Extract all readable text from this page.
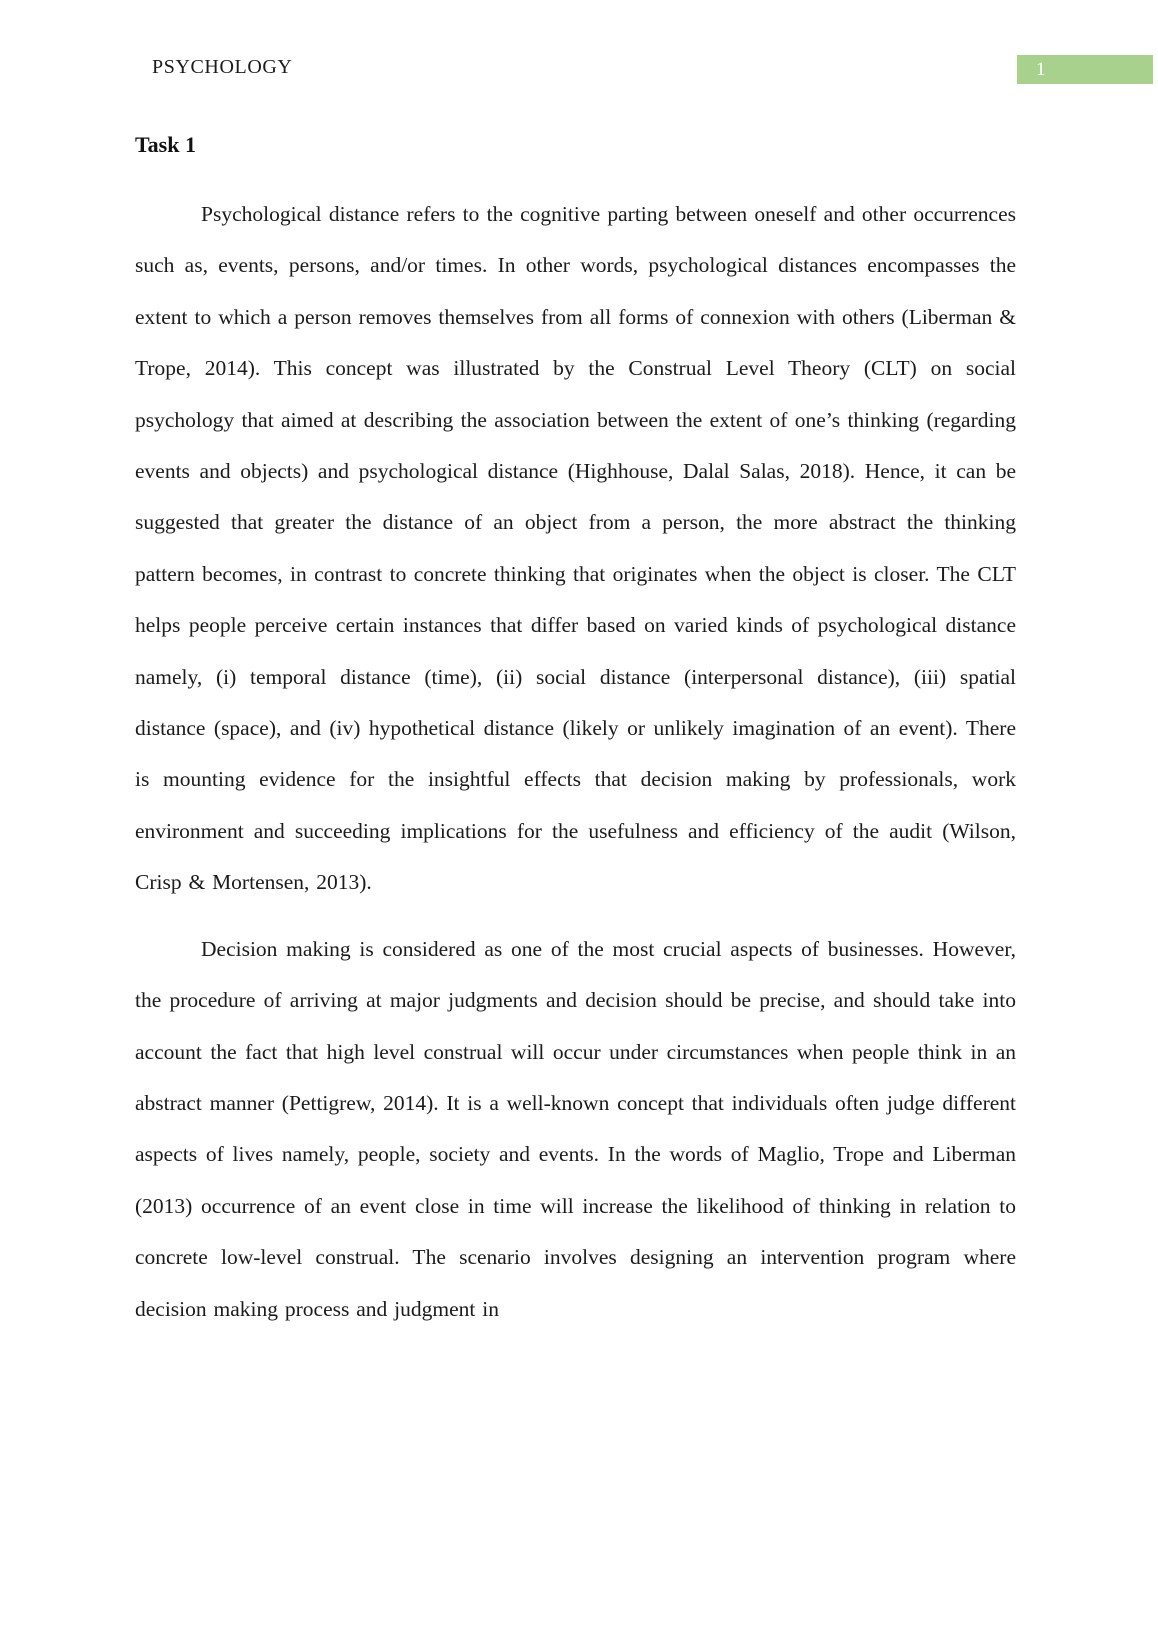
PSYCHOLOGY	1
Task 1

Psychological distance refers to the cognitive parting between oneself and other occurrences such as, events, persons, and/or times. In other words, psychological distances encompasses the extent to which a person removes themselves from all forms of connexion with others (Liberman & Trope, 2014). This concept was illustrated by the Construal Level Theory (CLT) on social psychology that aimed at describing the association between the extent of one’s thinking (regarding events and objects) and psychological distance (Highhouse, Dalal Salas, 2018). Hence, it can be suggested that greater the distance of an object from a person, the more abstract the thinking pattern becomes, in contrast to concrete thinking that originates when the object is closer. The CLT helps people perceive certain instances that differ based on varied kinds of psychological distance namely, (i) temporal distance (time), (ii) social distance (interpersonal distance), (iii) spatial distance (space), and (iv) hypothetical distance (likely or unlikely imagination of an event). There is mounting evidence for the insightful effects that decision making by professionals, work environment and succeeding implications for the usefulness and efficiency of the audit (Wilson, Crisp & Mortensen, 2013).

Decision making is considered as one of the most crucial aspects of businesses. However, the procedure of arriving at major judgments and decision should be precise, and should take into account the fact that high level construal will occur under circumstances when people think in an abstract manner (Pettigrew, 2014). It is a well-known concept that individuals often judge different aspects of lives namely, people, society and events. In the words of Maglio, Trope and Liberman (2013) occurrence of an event close in time will increase the likelihood of thinking in relation to concrete low-level construal. The scenario involves designing an intervention program where decision making process and judgment in
